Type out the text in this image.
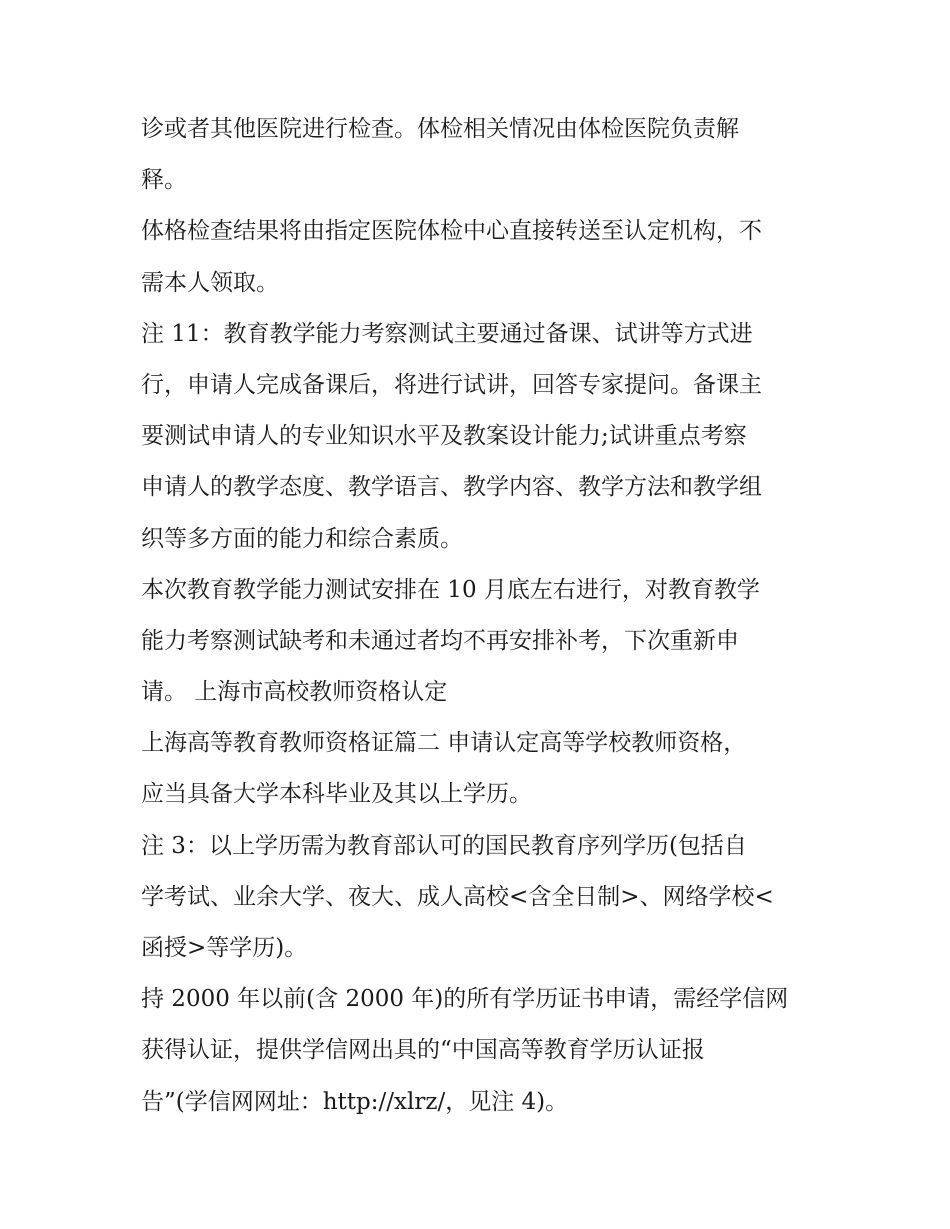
诊或者其他医院进行检查。体检相关情况由体检医院负责解
释。
体格检查结果将由指定医院体检中心直接转送至认定机构，不
需本人领取。
注 11：教育教学能力考察测试主要通过备课、试讲等方式进
行，申请人完成备课后，将进行试讲，回答专家提问。备课主
要测试申请人的专业知识水平及教案设计能力;试讲重点考察
申请人的教学态度、教学语言、教学内容、教学方法和教学组
织等多方面的能力和综合素质。
本次教育教学能力测试安排在 10 月底左右进行，对教育教学
能力考察测试缺考和未通过者均不再安排补考，下次重新申
请。 上海市高校教师资格认定
上海高等教育教师资格证篇二 申请认定高等学校教师资格，
应当具备大学本科毕业及其以上学历。
注 3：以上学历需为教育部认可的国民教育序列学历(包括自
学考试、业余大学、夜大、成人高校<含全日制>、网络学校<
函授>等学历)。
持 2000 年以前(含 2000 年)的所有学历证书申请，需经学信网
获得认证，提供学信网出具的“中国高等教育学历认证报
告”(学信网网址：http://xlrz/，见注 4)。
